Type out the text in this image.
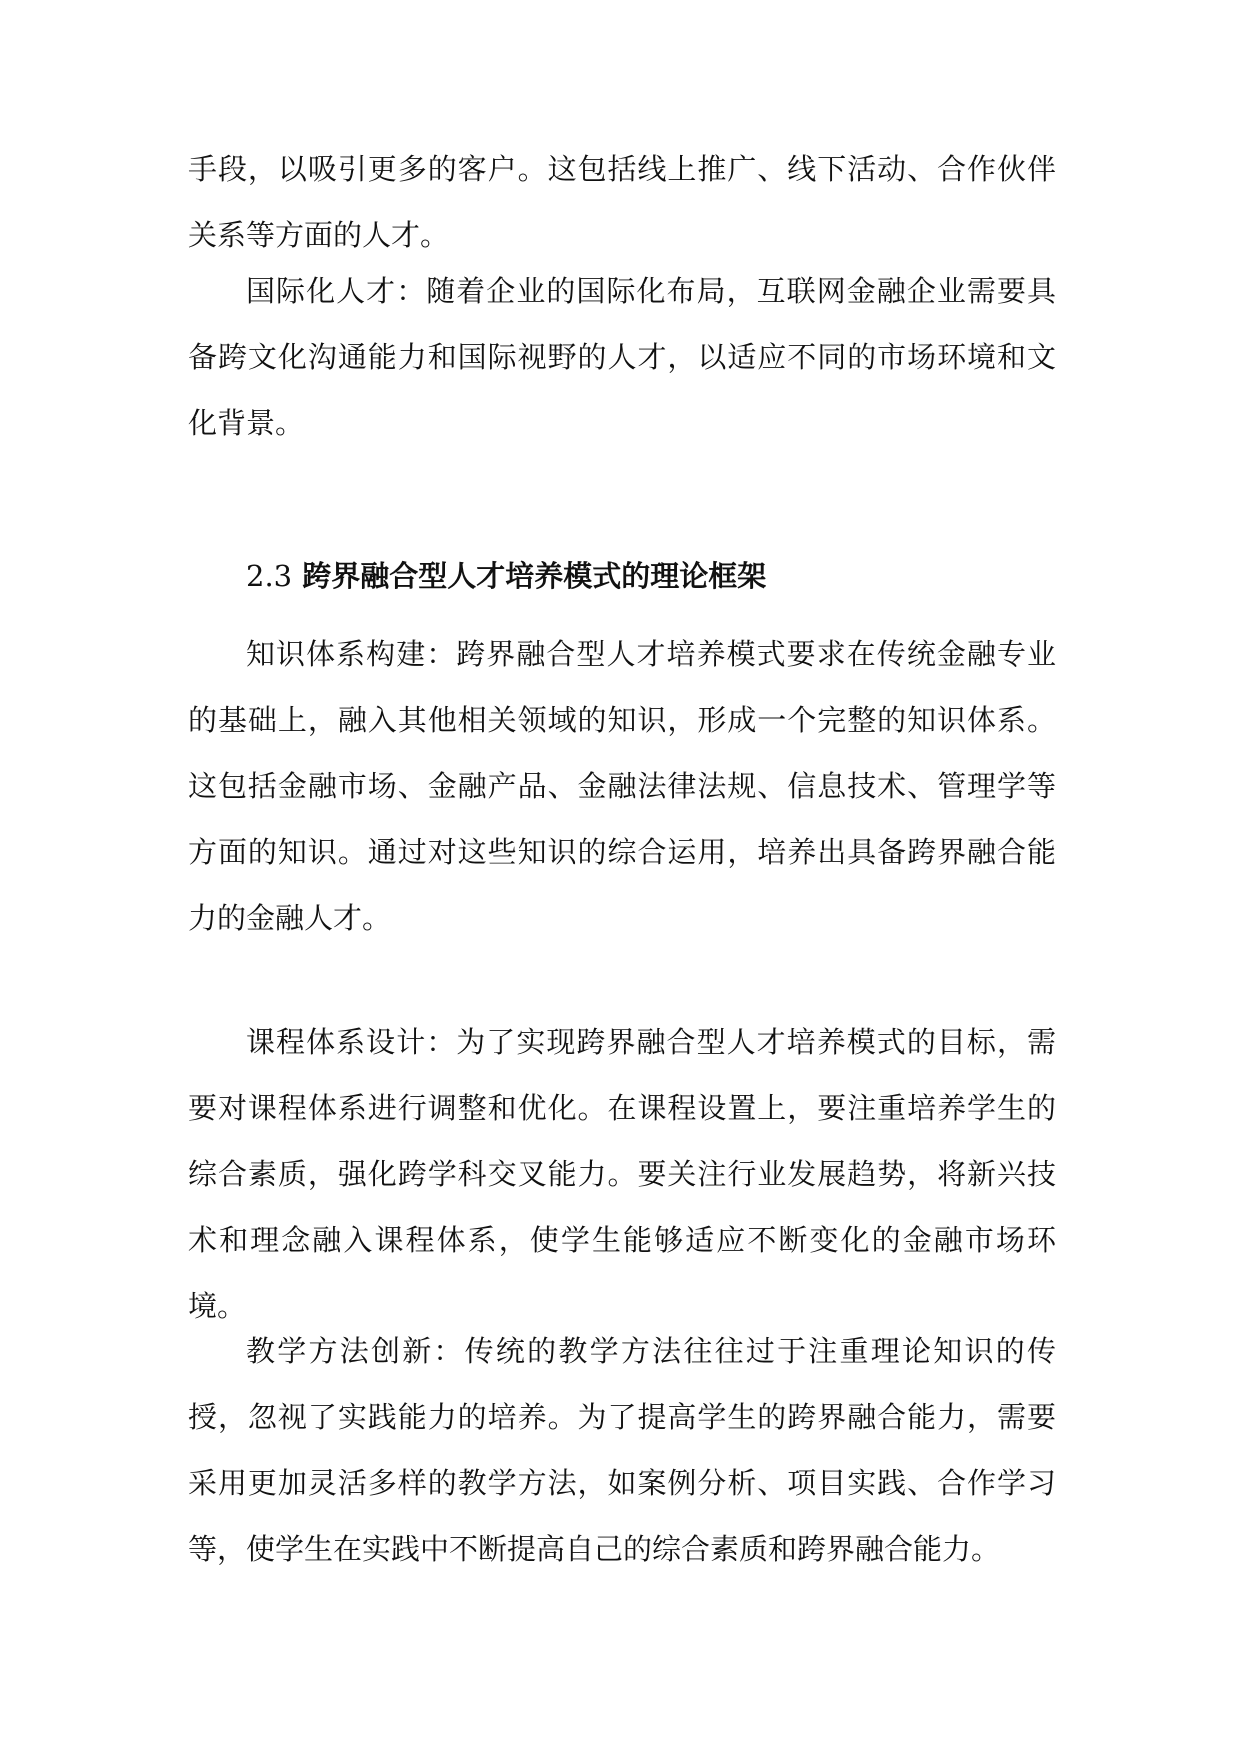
手段，以吸引更多的客户。这包括线上推广、线下活动、合作伙伴关系等方面的人才。

国际化人才：随着企业的国际化布局，互联网金融企业需要具备跨文化沟通能力和国际视野的人才，以适应不同的市场环境和文化背景。

2.3 跨界融合型人才培养模式的理论框架

知识体系构建：跨界融合型人才培养模式要求在传统金融专业的基础上，融入其他相关领域的知识，形成一个完整的知识体系。这包括金融市场、金融产品、金融法律法规、信息技术、管理学等方面的知识。通过对这些知识的综合运用，培养出具备跨界融合能力的金融人才。

课程体系设计：为了实现跨界融合型人才培养模式的目标，需要对课程体系进行调整和优化。在课程设置上，要注重培养学生的综合素质，强化跨学科交叉能力。要关注行业发展趋势，将新兴技术和理念融入课程体系，使学生能够适应不断变化的金融市场环境。

教学方法创新：传统的教学方法往往过于注重理论知识的传授，忽视了实践能力的培养。为了提高学生的跨界融合能力，需要采用更加灵活多样的教学方法，如案例分析、项目实践、合作学习等，使学生在实践中不断提高自己的综合素质和跨界融合能力。
